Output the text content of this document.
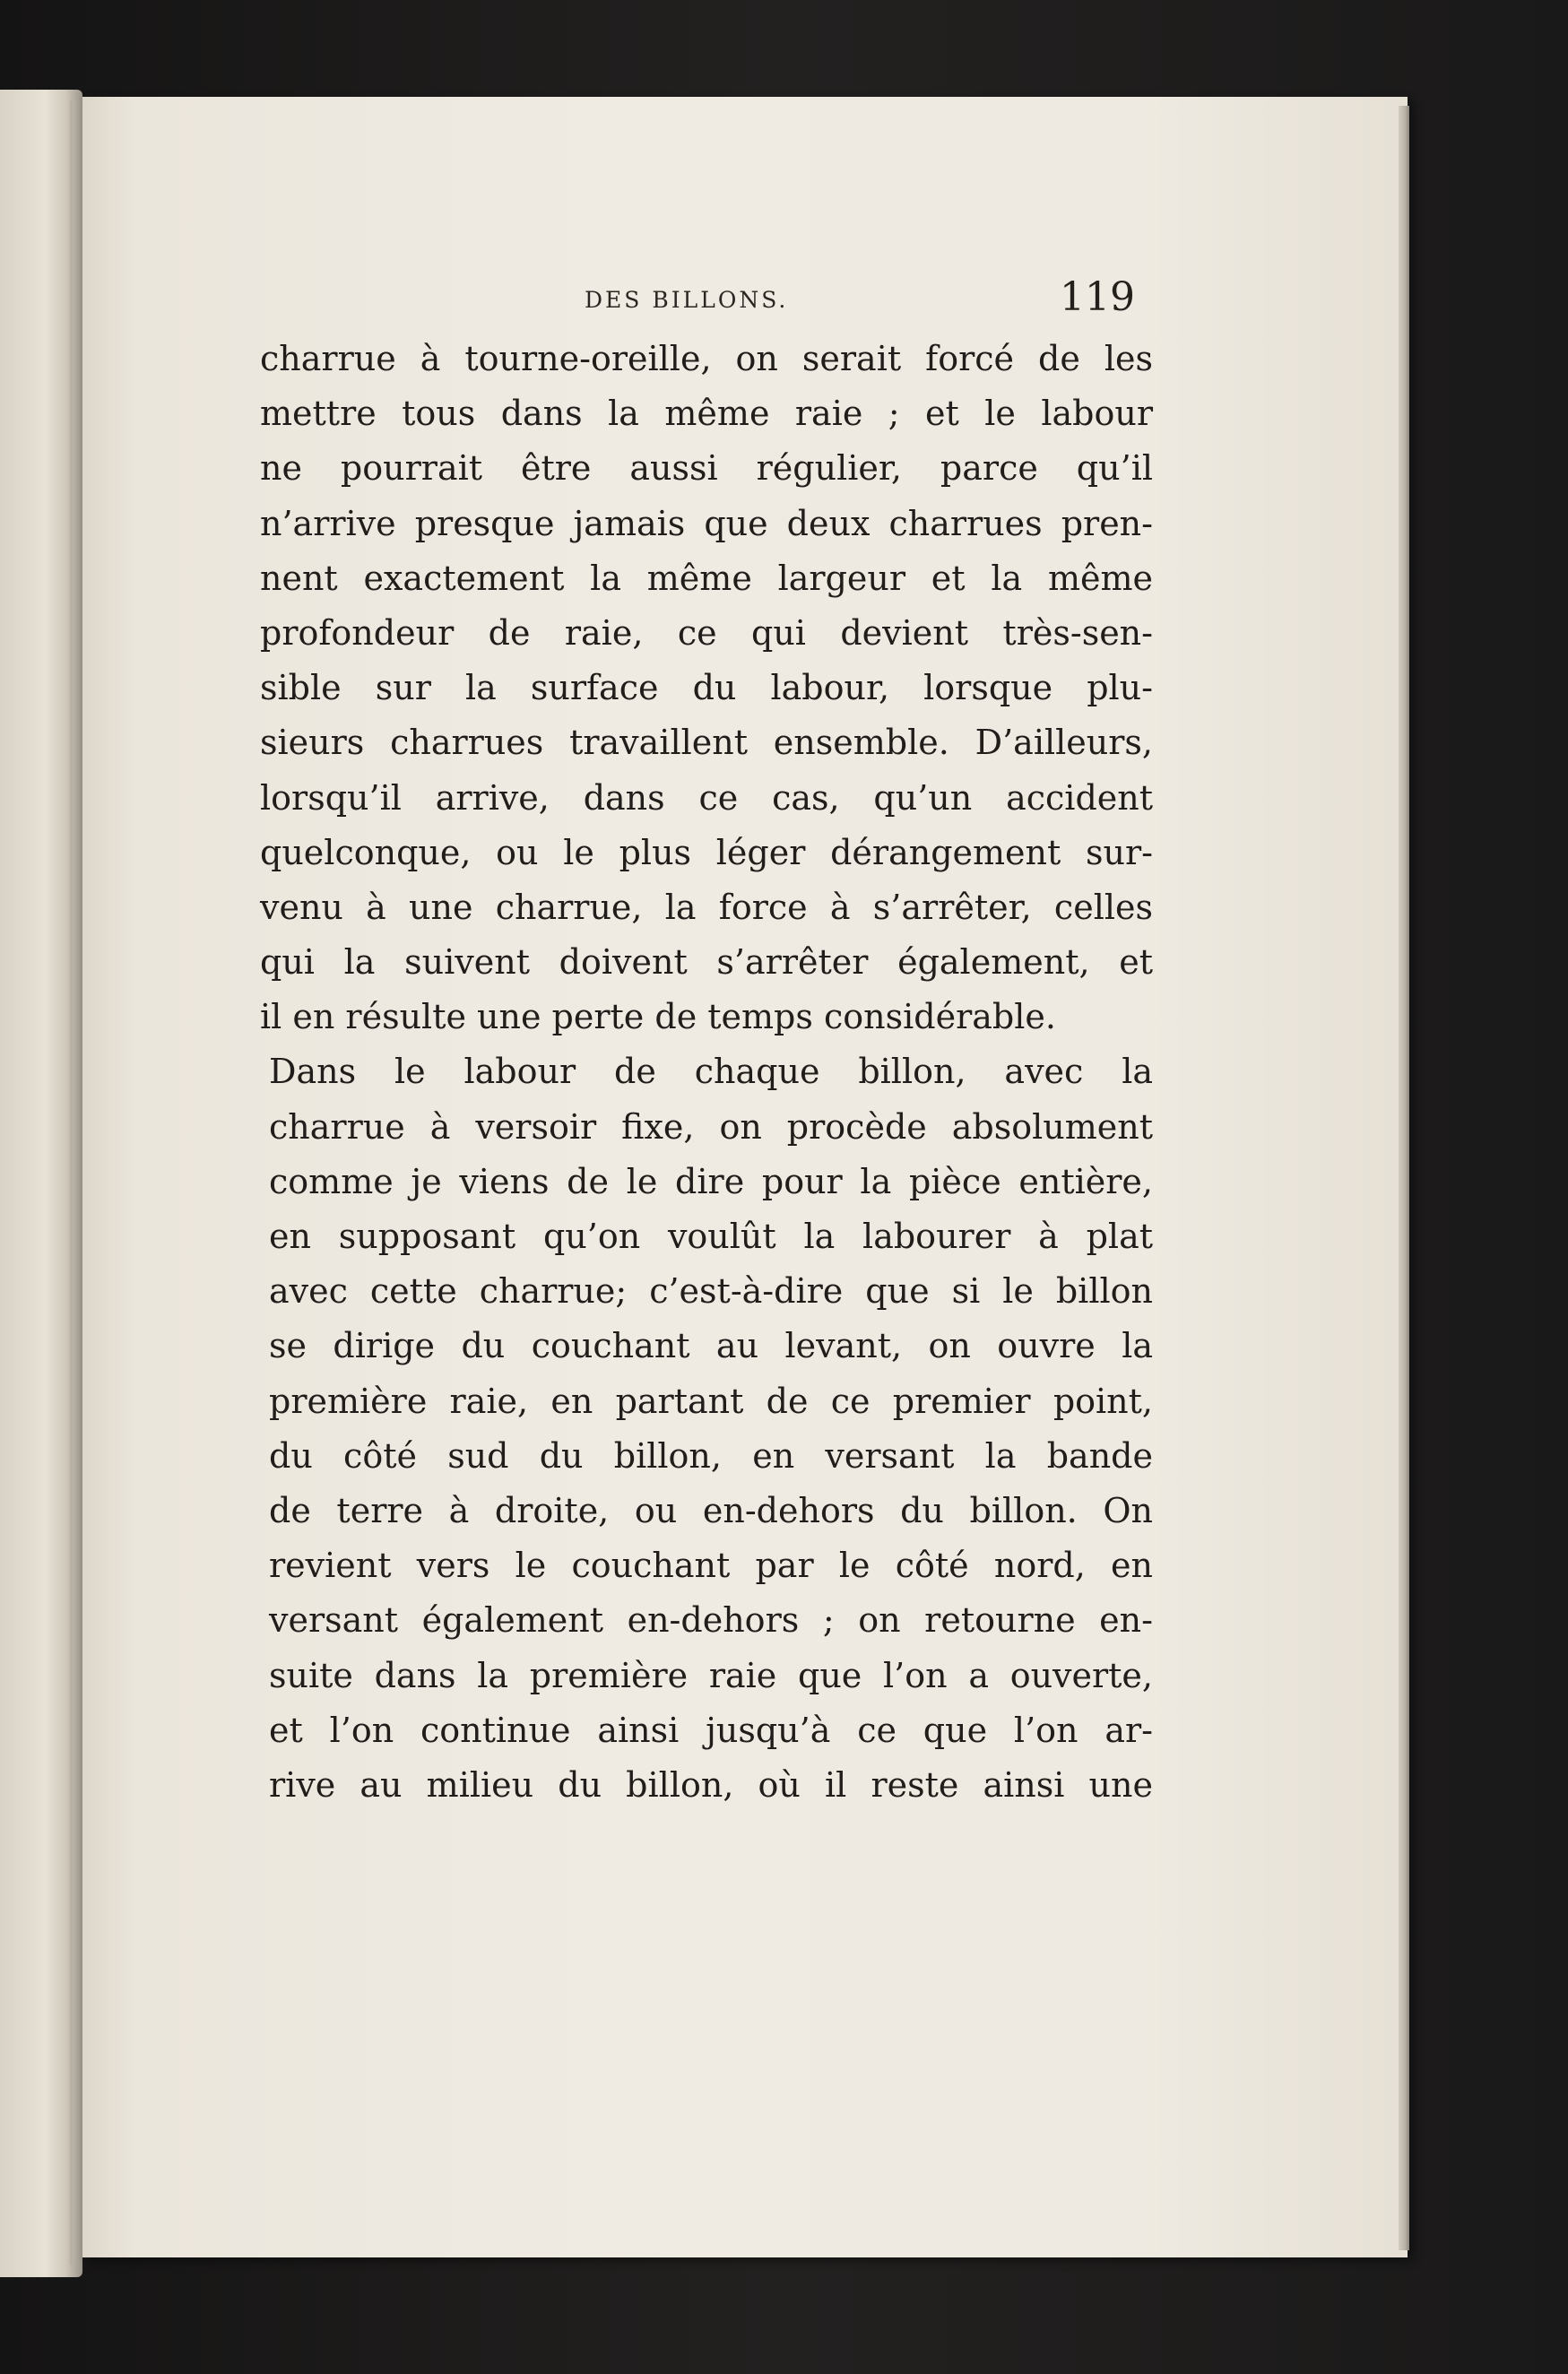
DES BILLONS.	119
charrue à tourne-oreille, on serait forcé de les
mettre tous dans la même raie ; et le labour
ne pourrait être aussi régulier, parce qu’il
n’arrive presque jamais que deux charrues pren-
nent exactement la même largeur et la même
profondeur de raie, ce qui devient très-sen-
sible sur la surface du labour, lorsque plu-
sieurs charrues travaillent ensemble. D’ailleurs,
lorsqu’il arrive, dans ce cas, qu’un accident
quelconque, ou le plus léger dérangement sur-
venu à une charrue, la force à s’arrêter, celles
qui la suivent doivent s’arrêter également, et
il en résulte une perte de temps considérable.
Dans le labour de chaque billon, avec la
charrue à versoir fixe, on procède absolument
comme je viens de le dire pour la pièce entière,
en supposant qu’on voulût la labourer à plat
avec cette charrue; c’est-à-dire que si le billon
se dirige du couchant au levant, on ouvre la
première raie, en partant de ce premier point,
du côté sud du billon, en versant la bande
de terre à droite, ou en-dehors du billon. On
revient vers le couchant par le côté nord, en
versant également en-dehors ; on retourne en-
suite dans la première raie que l’on a ouverte,
et l’on continue ainsi jusqu’à ce que l’on ar-
rive au milieu du billon, où il reste ainsi une
